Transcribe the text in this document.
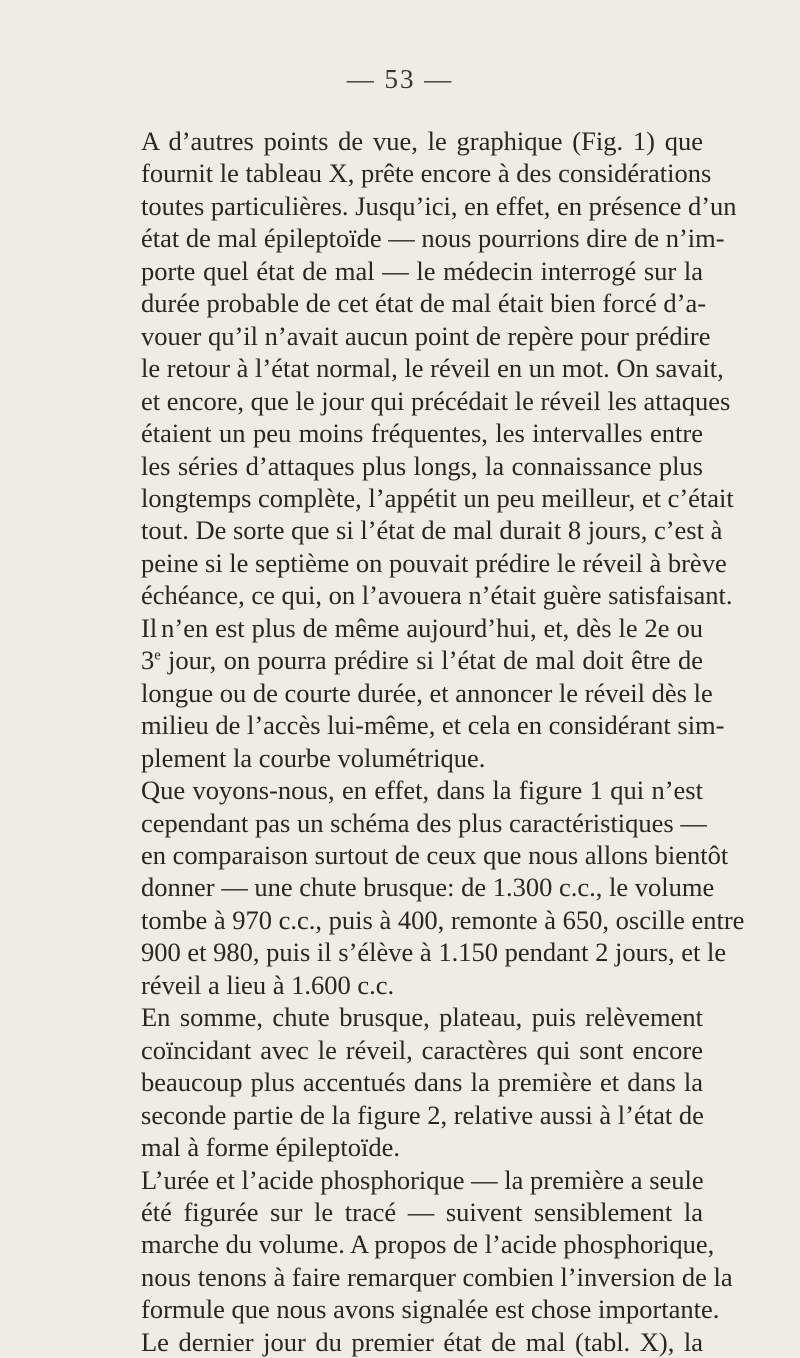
— 53 —

A d’autres points de vue, le graphique (Fig. 1) que
fournit le tableau X, prête encore à des considérations
toutes particulières. Jusqu’ici, en effet, en présence d’un
état de mal épileptoïde — nous pourrions dire de n’im-
porte quel état de mal — le médecin interrogé sur la
durée probable de cet état de mal était bien forcé d’a-
vouer qu’il n’avait aucun point de repère pour prédire
le retour à l’état normal, le réveil en un mot. On savait,
et encore, que le jour qui précédait le réveil les attaques
étaient un peu moins fréquentes, les intervalles entre
les séries d’attaques plus longs, la connaissance plus
longtemps complète, l’appétit un peu meilleur, et c’était
tout. De sorte que si l’état de mal durait 8 jours, c’est à
peine si le septième on pouvait prédire le réveil à brève
échéance, ce qui, on l’avouera n’était guère satisfaisant.

Il n’en est plus de même aujourd’hui, et, dès le 2e ou
3e jour, on pourra prédire si l’état de mal doit être de
longue ou de courte durée, et annoncer le réveil dès le
milieu de l’accès lui-même, et cela en considérant sim-
plement la courbe volumétrique.

Que voyons-nous, en effet, dans la figure 1 qui n’est
cependant pas un schéma des plus caractéristiques —
en comparaison surtout de ceux que nous allons bientôt
donner — une chute brusque: de 1.300 c.c., le volume
tombe à 970 c.c., puis à 400, remonte à 650, oscille entre
900 et 980, puis il s’élève à 1.150 pendant 2 jours, et le
réveil a lieu à 1.600 c.c.

En somme, chute brusque, plateau, puis relèvement
coïncidant avec le réveil, caractères qui sont encore
beaucoup plus accentués dans la première et dans la
seconde partie de la figure 2, relative aussi à l’état de
mal à forme épileptoïde.

L’urée et l’acide phosphorique — la première a seule
été figurée sur le tracé — suivent sensiblement la
marche du volume. A propos de l’acide phosphorique,
nous tenons à faire remarquer combien l’inversion de la
formule que nous avons signalée est chose importante.
Le dernier jour du premier état de mal (tabl. X), la
